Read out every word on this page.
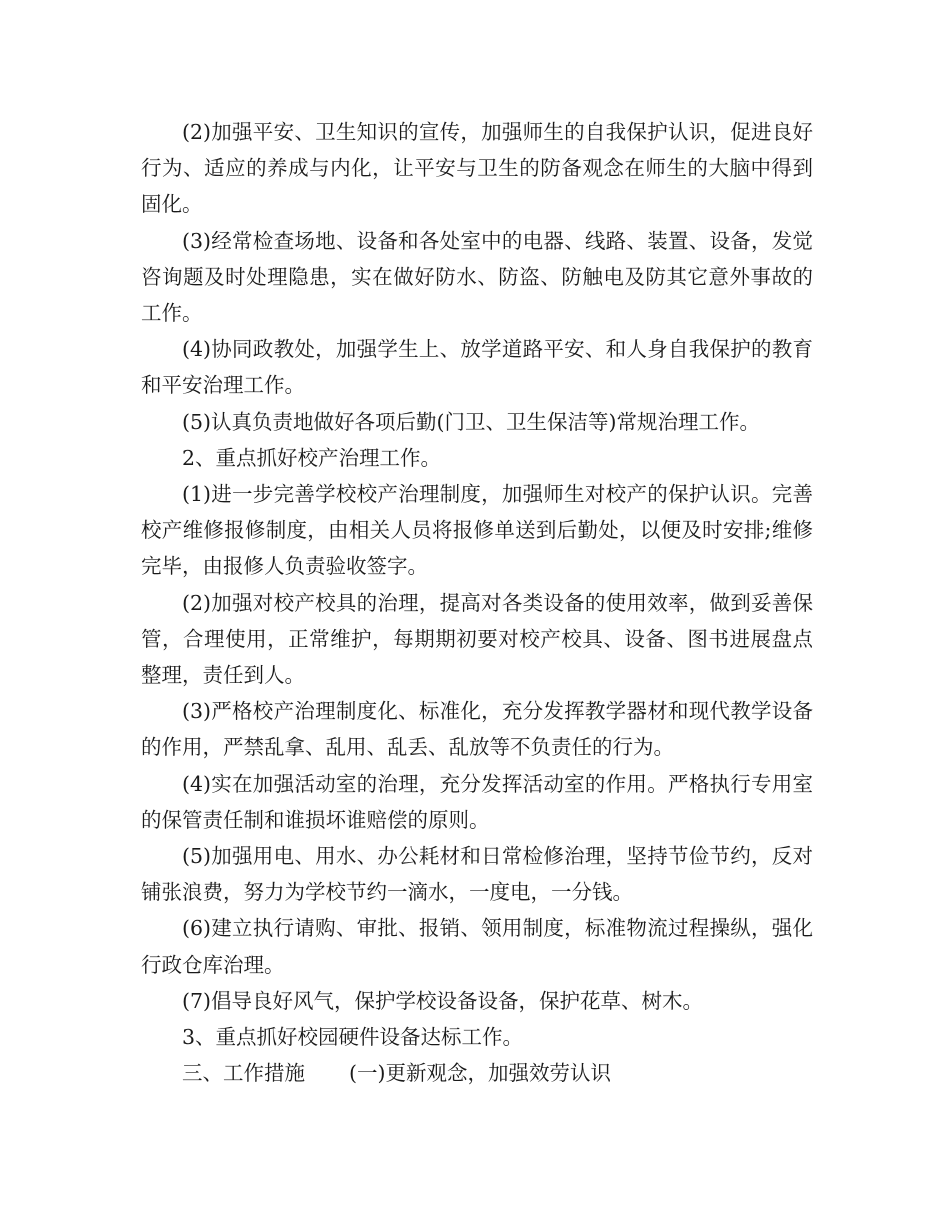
(2)加强平安、卫生知识的宣传，加强师生的自我保护认识，促进良好行为、适应的养成与内化，让平安与卫生的防备观念在师生的大脑中得到固化。

(3)经常检查场地、设备和各处室中的电器、线路、装置、设备，发觉咨询题及时处理隐患，实在做好防水、防盗、防触电及防其它意外事故的工作。

(4)协同政教处，加强学生上、放学道路平安、和人身自我保护的教育和平安治理工作。

(5)认真负责地做好各项后勤(门卫、卫生保洁等)常规治理工作。

2、重点抓好校产治理工作。

(1)进一步完善学校校产治理制度，加强师生对校产的保护认识。完善校产维修报修制度，由相关人员将报修单送到后勤处，以便及时安排;维修完毕，由报修人负责验收签字。

(2)加强对校产校具的治理，提高对各类设备的使用效率，做到妥善保管，合理使用，正常维护，每期期初要对校产校具、设备、图书进展盘点整理，责任到人。

(3)严格校产治理制度化、标准化，充分发挥教学器材和现代教学设备的作用，严禁乱拿、乱用、乱丢、乱放等不负责任的行为。

(4)实在加强活动室的治理，充分发挥活动室的作用。严格执行专用室的保管责任制和谁损坏谁赔偿的原则。

(5)加强用电、用水、办公耗材和日常检修治理，坚持节俭节约，反对铺张浪费，努力为学校节约一滴水，一度电，一分钱。

(6)建立执行请购、审批、报销、领用制度，标准物流过程操纵，强化行政仓库治理。

(7)倡导良好风气，保护学校设备设备，保护花草、树木。

3、重点抓好校园硬件设备达标工作。

三、工作措施 (一)更新观念，加强效劳认识
